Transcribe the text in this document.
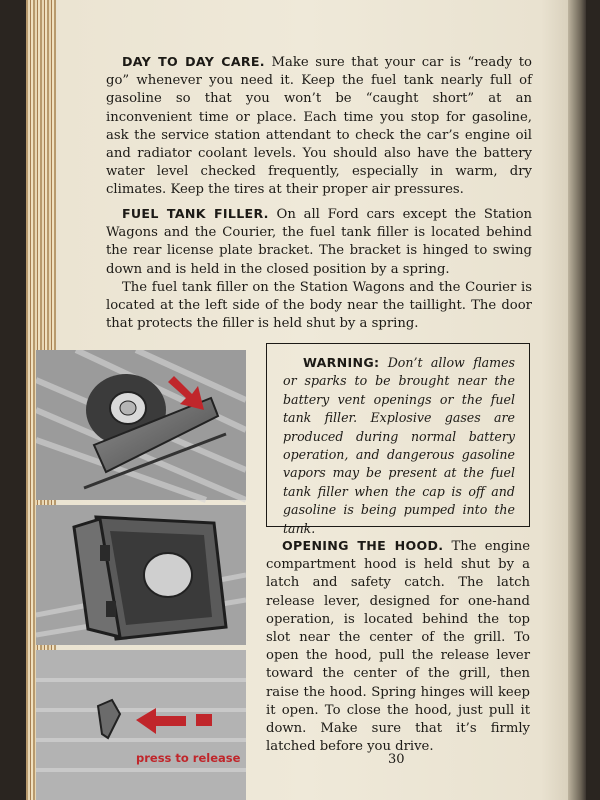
DAY TO DAY CARE. Make sure that your car is “ready to go” whenever you need it. Keep the fuel tank nearly full of gasoline so that you won’t be “caught short” at an inconvenient time or place. Each time you stop for gasoline, ask the service station attendant to check the car’s engine oil and radiator coolant levels. You should also have the battery water level checked frequently, especially in warm, dry climates. Keep the tires at their proper air pressures.

FUEL TANK FILLER. On all Ford cars except the Station Wagons and the Courier, the fuel tank filler is located behind the rear license plate bracket. The bracket is hinged to swing down and is held in the closed position by a spring.

The fuel tank filler on the Station Wagons and the Courier is located at the left side of the body near the taillight. The door that protects the filler is held shut by a spring.

WARNING: Don’t allow flames or sparks to be brought near the battery vent openings or the fuel tank filler. Explosive gases are produced during normal battery operation, and dangerous gasoline vapors may be present at the fuel tank filler when the cap is off and gasoline is being pumped into the tank.

OPENING THE HOOD. The engine compartment hood is held shut by a latch and safety catch. The latch release lever, designed for one-hand operation, is located behind the top slot near the center of the grill. To open the hood, pull the release lever toward the center of the grill, then raise the hood. Spring hinges will keep it open. To close the hood, just pull it down. Make sure that it’s firmly latched before you drive.

press to release	30
